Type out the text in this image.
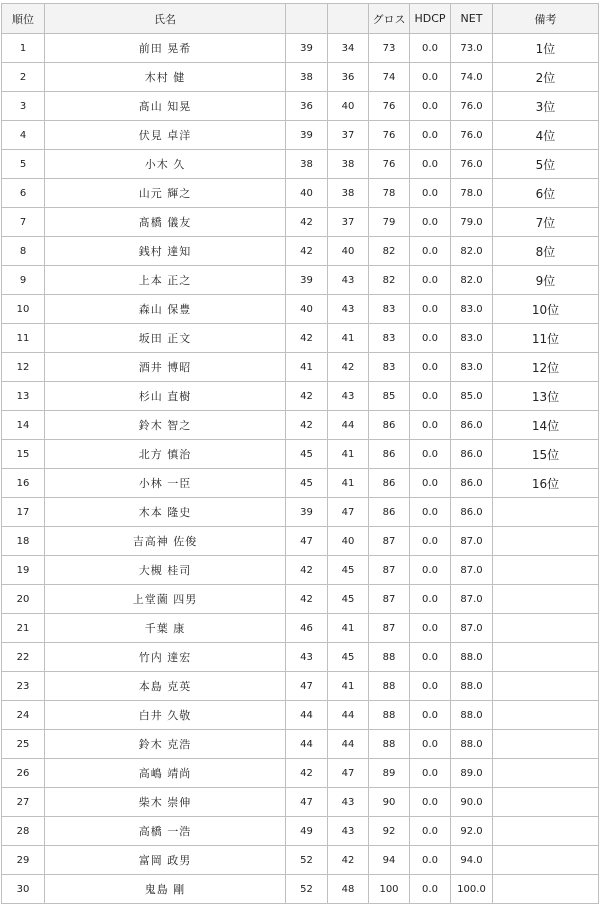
順位	氏名			グロス	HDCP	NET	備考
1	前田 晃希	39	34	73	0.0	73.0	1位
2	木村 健	38	36	74	0.0	74.0	2位
3	髙山 知晃	36	40	76	0.0	76.0	3位
4	伏見 卓洋	39	37	76	0.0	76.0	4位
5	小木 久	38	38	76	0.0	76.0	5位
6	山元 輝之	40	38	78	0.0	78.0	6位
7	髙橋 儀友	42	37	79	0.0	79.0	7位
8	銭村 達知	42	40	82	0.0	82.0	8位
9	上本 正之	39	43	82	0.0	82.0	9位
10	森山 保豊	40	43	83	0.0	83.0	10位
11	坂田 正文	42	41	83	0.0	83.0	11位
12	酒井 博昭	41	42	83	0.0	83.0	12位
13	杉山 直樹	42	43	85	0.0	85.0	13位
14	鈴木 智之	42	44	86	0.0	86.0	14位
15	北方 慎治	45	41	86	0.0	86.0	15位
16	小林 一臣	45	41	86	0.0	86.0	16位
17	木本 隆史	39	47	86	0.0	86.0	
18	吉高神 佐俊	47	40	87	0.0	87.0	
19	大槻 桂司	42	45	87	0.0	87.0	
20	上堂薗 四男	42	45	87	0.0	87.0	
21	千葉 康	46	41	87	0.0	87.0	
22	竹内 達宏	43	45	88	0.0	88.0	
23	本島 克英	47	41	88	0.0	88.0	
24	白井 久敬	44	44	88	0.0	88.0	
25	鈴木 克浩	44	44	88	0.0	88.0	
26	高嶋 靖尚	42	47	89	0.0	89.0	
27	柴木 崇伸	47	43	90	0.0	90.0	
28	高橋 一浩	49	43	92	0.0	92.0	
29	富岡 政男	52	42	94	0.0	94.0	
30	鬼島 剛	52	48	100	0.0	100.0	
